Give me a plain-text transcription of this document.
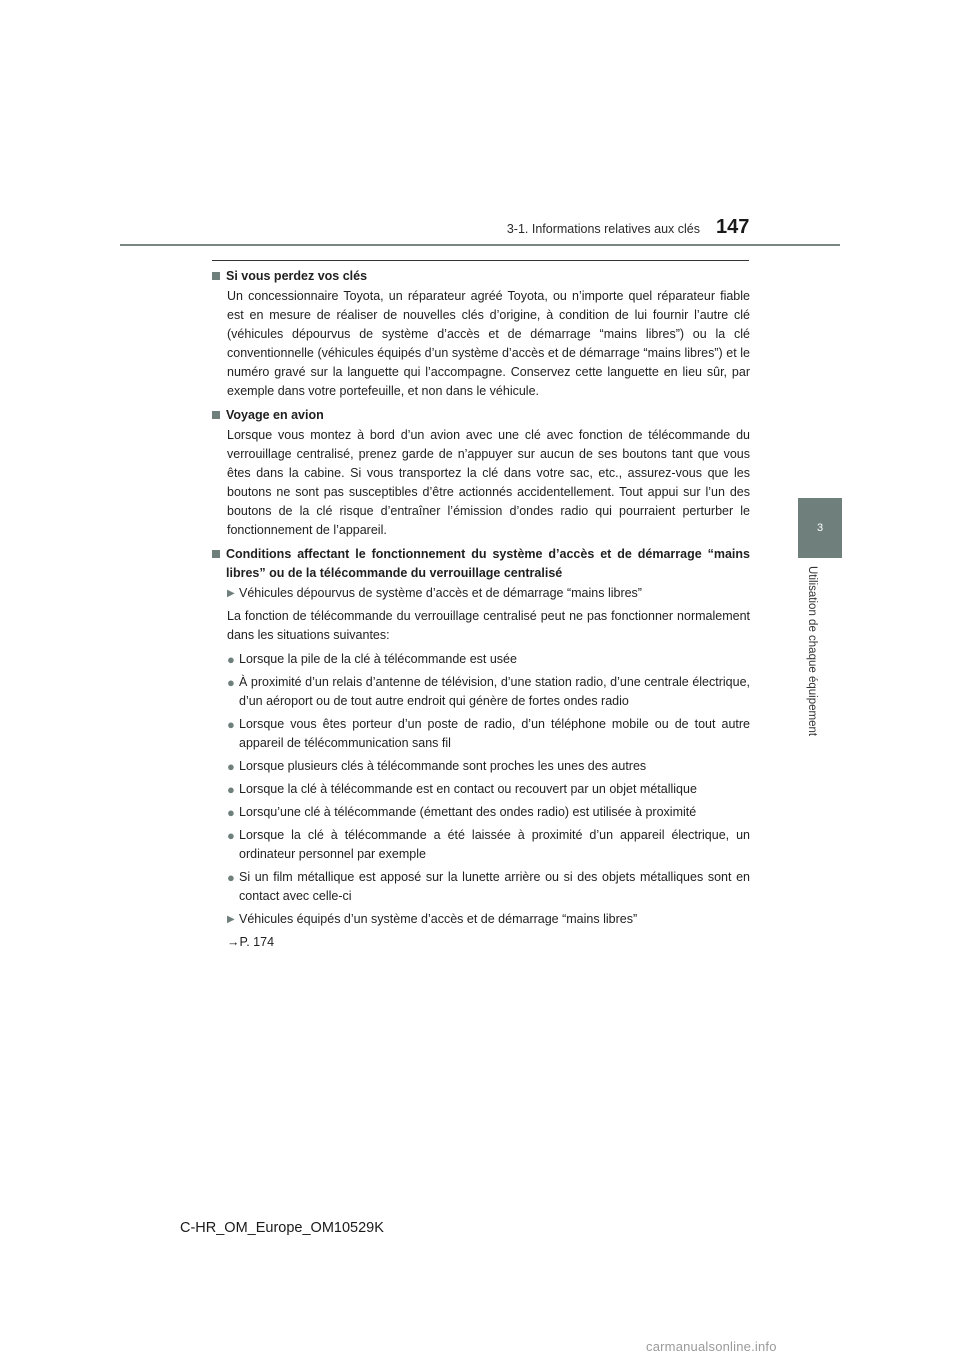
3-1. Informations relatives aux clés 147
3
Utilisation de chaque équipement
Si vous perdez vos clés
Un concessionnaire Toyota, un réparateur agréé Toyota, ou n’importe quel réparateur fiable est en mesure de réaliser de nouvelles clés d’origine, à condition de lui fournir l’autre clé (véhicules dépourvus de système d’accès et de démarrage “mains libres”) ou la clé conventionnelle (véhicules équipés d’un système d’accès et de démarrage “mains libres”) et le numéro gravé sur la languette qui l’accompagne. Conservez cette languette en lieu sûr, par exemple dans votre portefeuille, et non dans le véhicule.
Voyage en avion
Lorsque vous montez à bord d’un avion avec une clé avec fonction de télécommande du verrouillage centralisé, prenez garde de n’appuyer sur aucun de ses boutons tant que vous êtes dans la cabine. Si vous transportez la clé dans votre sac, etc., assurez-vous que les boutons ne sont pas susceptibles d’être actionnés accidentellement. Tout appui sur l’un des boutons de la clé risque d’entraîner l’émission d’ondes radio qui pourraient perturber le fonctionnement de l’appareil.
Conditions affectant le fonctionnement du système d’accès et de démarrage “mains libres” ou de la télécommande du verrouillage centralisé
▶ Véhicules dépourvus de système d’accès et de démarrage “mains libres”
La fonction de télécommande du verrouillage centralisé peut ne pas fonctionner normalement dans les situations suivantes:
● Lorsque la pile de la clé à télécommande est usée
● À proximité d’un relais d’antenne de télévision, d’une station radio, d’une centrale électrique, d’un aéroport ou de tout autre endroit qui génère de fortes ondes radio
● Lorsque vous êtes porteur d’un poste de radio, d’un téléphone mobile ou de tout autre appareil de télécommunication sans fil
● Lorsque plusieurs clés à télécommande sont proches les unes des autres
● Lorsque la clé à télécommande est en contact ou recouvert par un objet métallique
● Lorsqu’une clé à télécommande (émettant des ondes radio) est utilisée à proximité
● Lorsque la clé à télécommande a été laissée à proximité d’un appareil électrique, un ordinateur personnel par exemple
● Si un film métallique est apposé sur la lunette arrière ou si des objets métalliques sont en contact avec celle-ci
▶ Véhicules équipés d’un système d’accès et de démarrage “mains libres”
→P. 174
C-HR_OM_Europe_OM10529K
carmanualsonline.info
